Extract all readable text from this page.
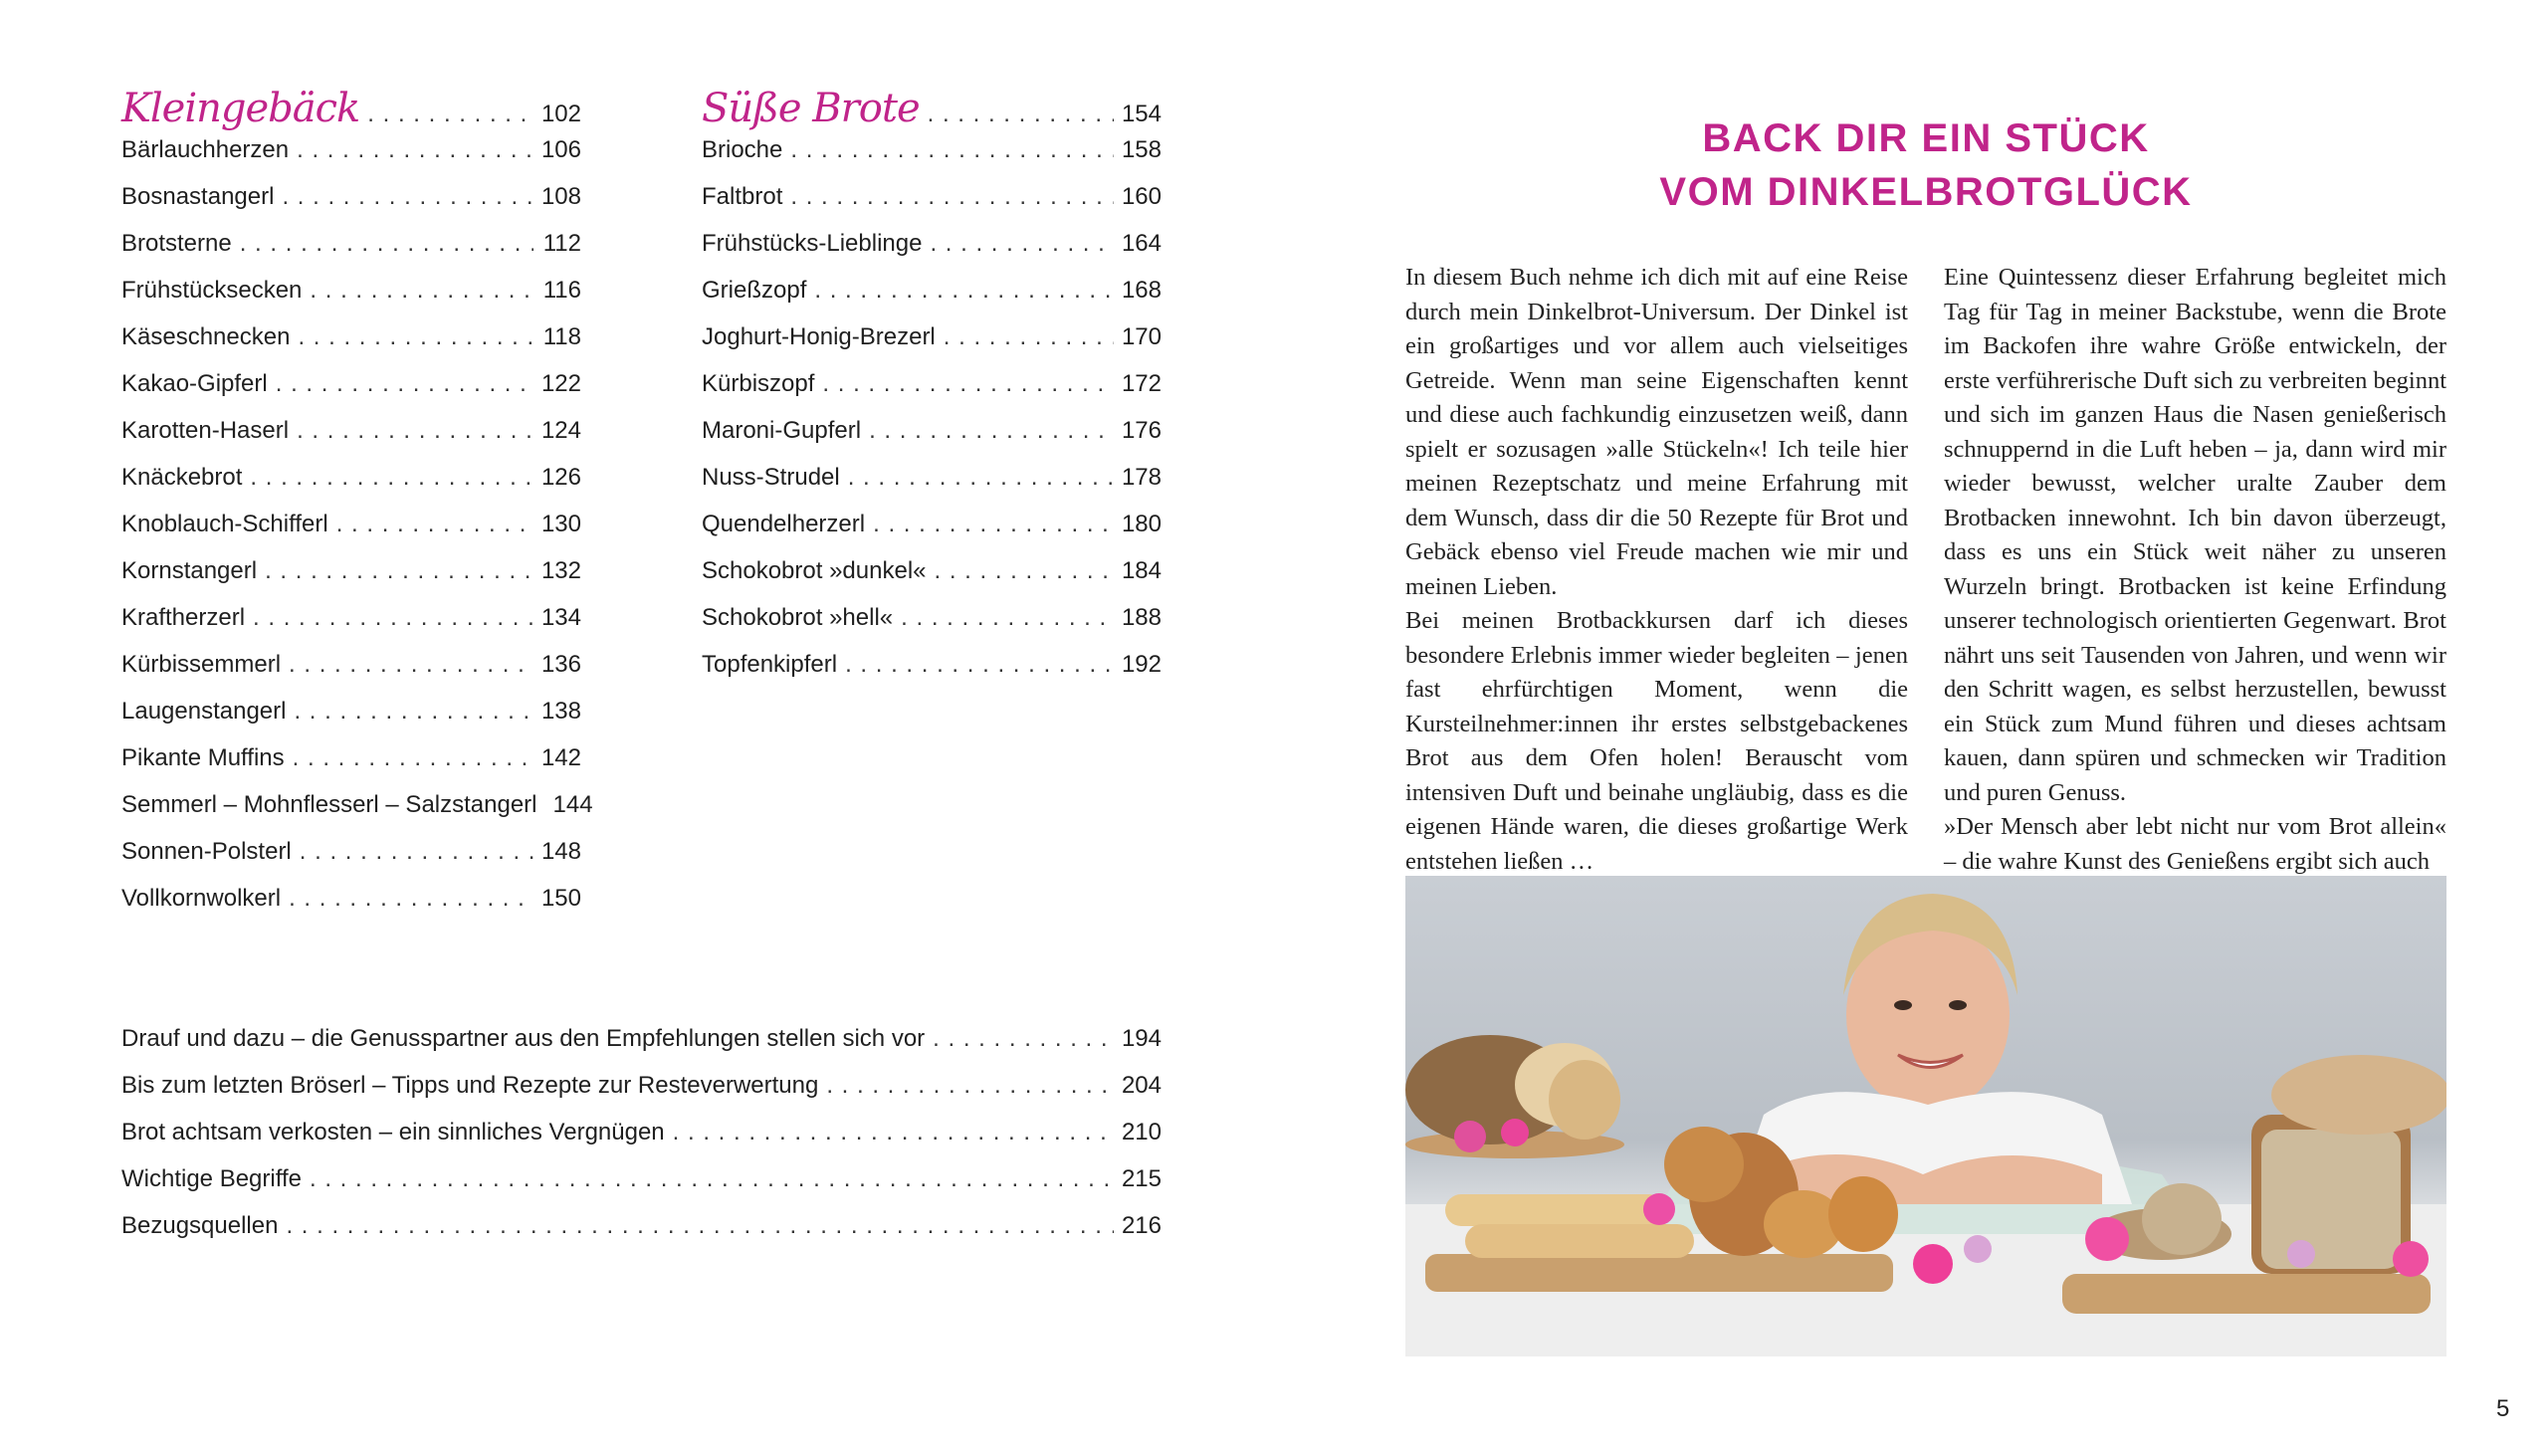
Kleingebäck . . .	102
Bärlauchherzen . . .	106
Bosnastangerl . . .	108
Brotsterne . . .	112
Frühstücksecken . . .	116
Käseschnecken . . .	118
Kakao-Gipferl . . .	122
Karotten-Haserl . . .	124
Knäckebrot . . .	126
Knoblauch-Schifferl . . .	130
Kornstangerl . . .	132
Kraftherzerl . . .	134
Kürbissemmerl . . .	136
Laugenstangerl . . .	138
Pikante Muffins . . .	142
Semmerl – Mohnflesserl – Salzstangerl 144
Sonnen-Polsterl . . .	148
Vollkornwolkerl . . .	150
Süße Brote . . .	154
Brioche . . .	158
Faltbrot . . .	160
Frühstücks-Lieblinge . . .	164
Grießzopf . . .	168
Joghurt-Honig-Brezerl . . .	170
Kürbiszopf . . .	172
Maroni-Gupferl . . .	176
Nuss-Strudel . . .	178
Quendelherzerl . . .	180
Schokobrot »dunkel« . . .	184
Schokobrot »hell« . . .	188
Topfenkipferl . . .	192
Drauf und dazu – die Genusspartner aus den Empfehlungen stellen sich vor . . .	194
Bis zum letzten Bröserl – Tipps und Rezepte zur Resteverwertung . . .	204
Brot achtsam verkosten – ein sinnliches Vergnügen . . .	210
Wichtige Begriffe . . .	215
Bezugsquellen . . .	216
BACK DIR EIN STÜCK
VOM DINKELBROTGLÜCK

In diesem Buch nehme ich dich mit auf eine Reise durch mein Dinkelbrot-Universum. Der Dinkel ist ein großartiges und vor allem auch vielseitiges Getreide. Wenn man seine Eigenschaften kennt und diese auch fachkundig einzusetzen weiß, dann spielt er sozusagen »alle Stückeln«! Ich teile hier meinen Rezeptschatz und meine Erfahrung mit dem Wunsch, dass dir die 50 Rezepte für Brot und Gebäck ebenso viel Freude machen wie mir und meinen Lieben.

Bei meinen Brotbackkursen darf ich dieses besondere Erlebnis immer wieder begleiten – jenen fast ehrfürchtigen Moment, wenn die Kursteilnehmer:innen ihr erstes selbstgebackenes Brot aus dem Ofen holen! Berauscht vom intensiven Duft und beinahe ungläubig, dass es die eigenen Hände waren, die dieses großartige Werk entstehen ließen …

Eine Quintessenz dieser Erfahrung begleitet mich Tag für Tag in meiner Backstube, wenn die Brote im Backofen ihre wahre Größe entwickeln, der erste verführerische Duft sich zu verbreiten beginnt und sich im ganzen Haus die Nasen genießerisch schnuppernd in die Luft heben – ja, dann wird mir wieder bewusst, welcher uralte Zauber dem Brotbacken innewohnt. Ich bin davon überzeugt, dass es uns ein Stück weit näher zu unseren Wurzeln bringt. Brotbacken ist keine Erfindung unserer technologisch orientierten Gegenwart. Brot nährt uns seit Tausenden von Jahren, und wenn wir den Schritt wagen, es selbst herzustellen, bewusst ein Stück zum Mund führen und dieses achtsam kauen, dann spüren und schmecken wir Tradition und puren Genuss.

»Der Mensch aber lebt nicht nur vom Brot allein« – die wahre Kunst des Genießens ergibt sich auch

5
